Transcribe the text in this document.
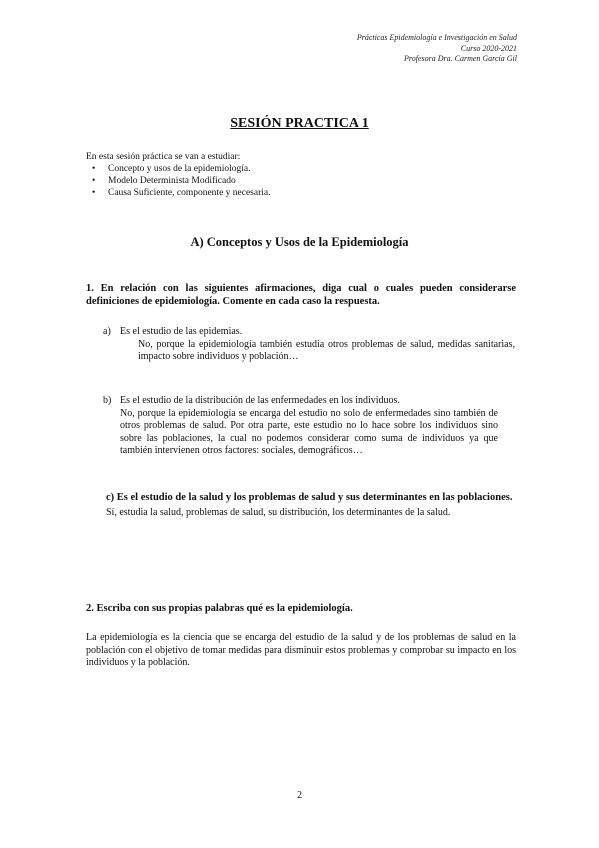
Prácticas Epidemiología e Investigación en Salud
Curso 2020-2021
Profesora Dra. Carmen García Gil
SESIÓN PRACTICA 1
En esta sesión práctica se van a estudiar:
• Concepto y usos de la epidemiología.
• Modelo Determinista Modificado
• Causa Suficiente, componente y necesaria.
A) Conceptos y Usos de la Epidemiología
1. En relación con las siguientes afirmaciones, diga cual o cuales pueden considerarse definiciones de epidemiología. Comente en cada caso la respuesta.
a) Es el estudio de las epidemias.
No, porque la epidemiología también estudia otros problemas de salud, medidas sanitarias, impacto sobre individuos y población…
b) Es el estudio de la distribución de las enfermedades en los individuos.
No, porque la epidemiología se encarga del estudio no solo de enfermedades sino también de otros problemas de salud. Por otra parte, este estudio no lo hace sobre los individuos sino sobre las poblaciones, la cual no podemos considerar como suma de individuos ya que también intervienen otros factores: sociales, demográficos…
c) Es el estudio de la salud y los problemas de salud y sus determinantes en las poblaciones.
Sí, estudia la salud, problemas de salud, su distribución, los determinantes de la salud.
2. Escriba con sus propias palabras qué es la epidemiología.
La epidemiología es la ciencia que se encarga del estudio de la salud y de los problemas de salud en la población con el objetivo de tomar medidas para disminuir estos problemas y comprobar su impacto en los individuos y la población.
2
